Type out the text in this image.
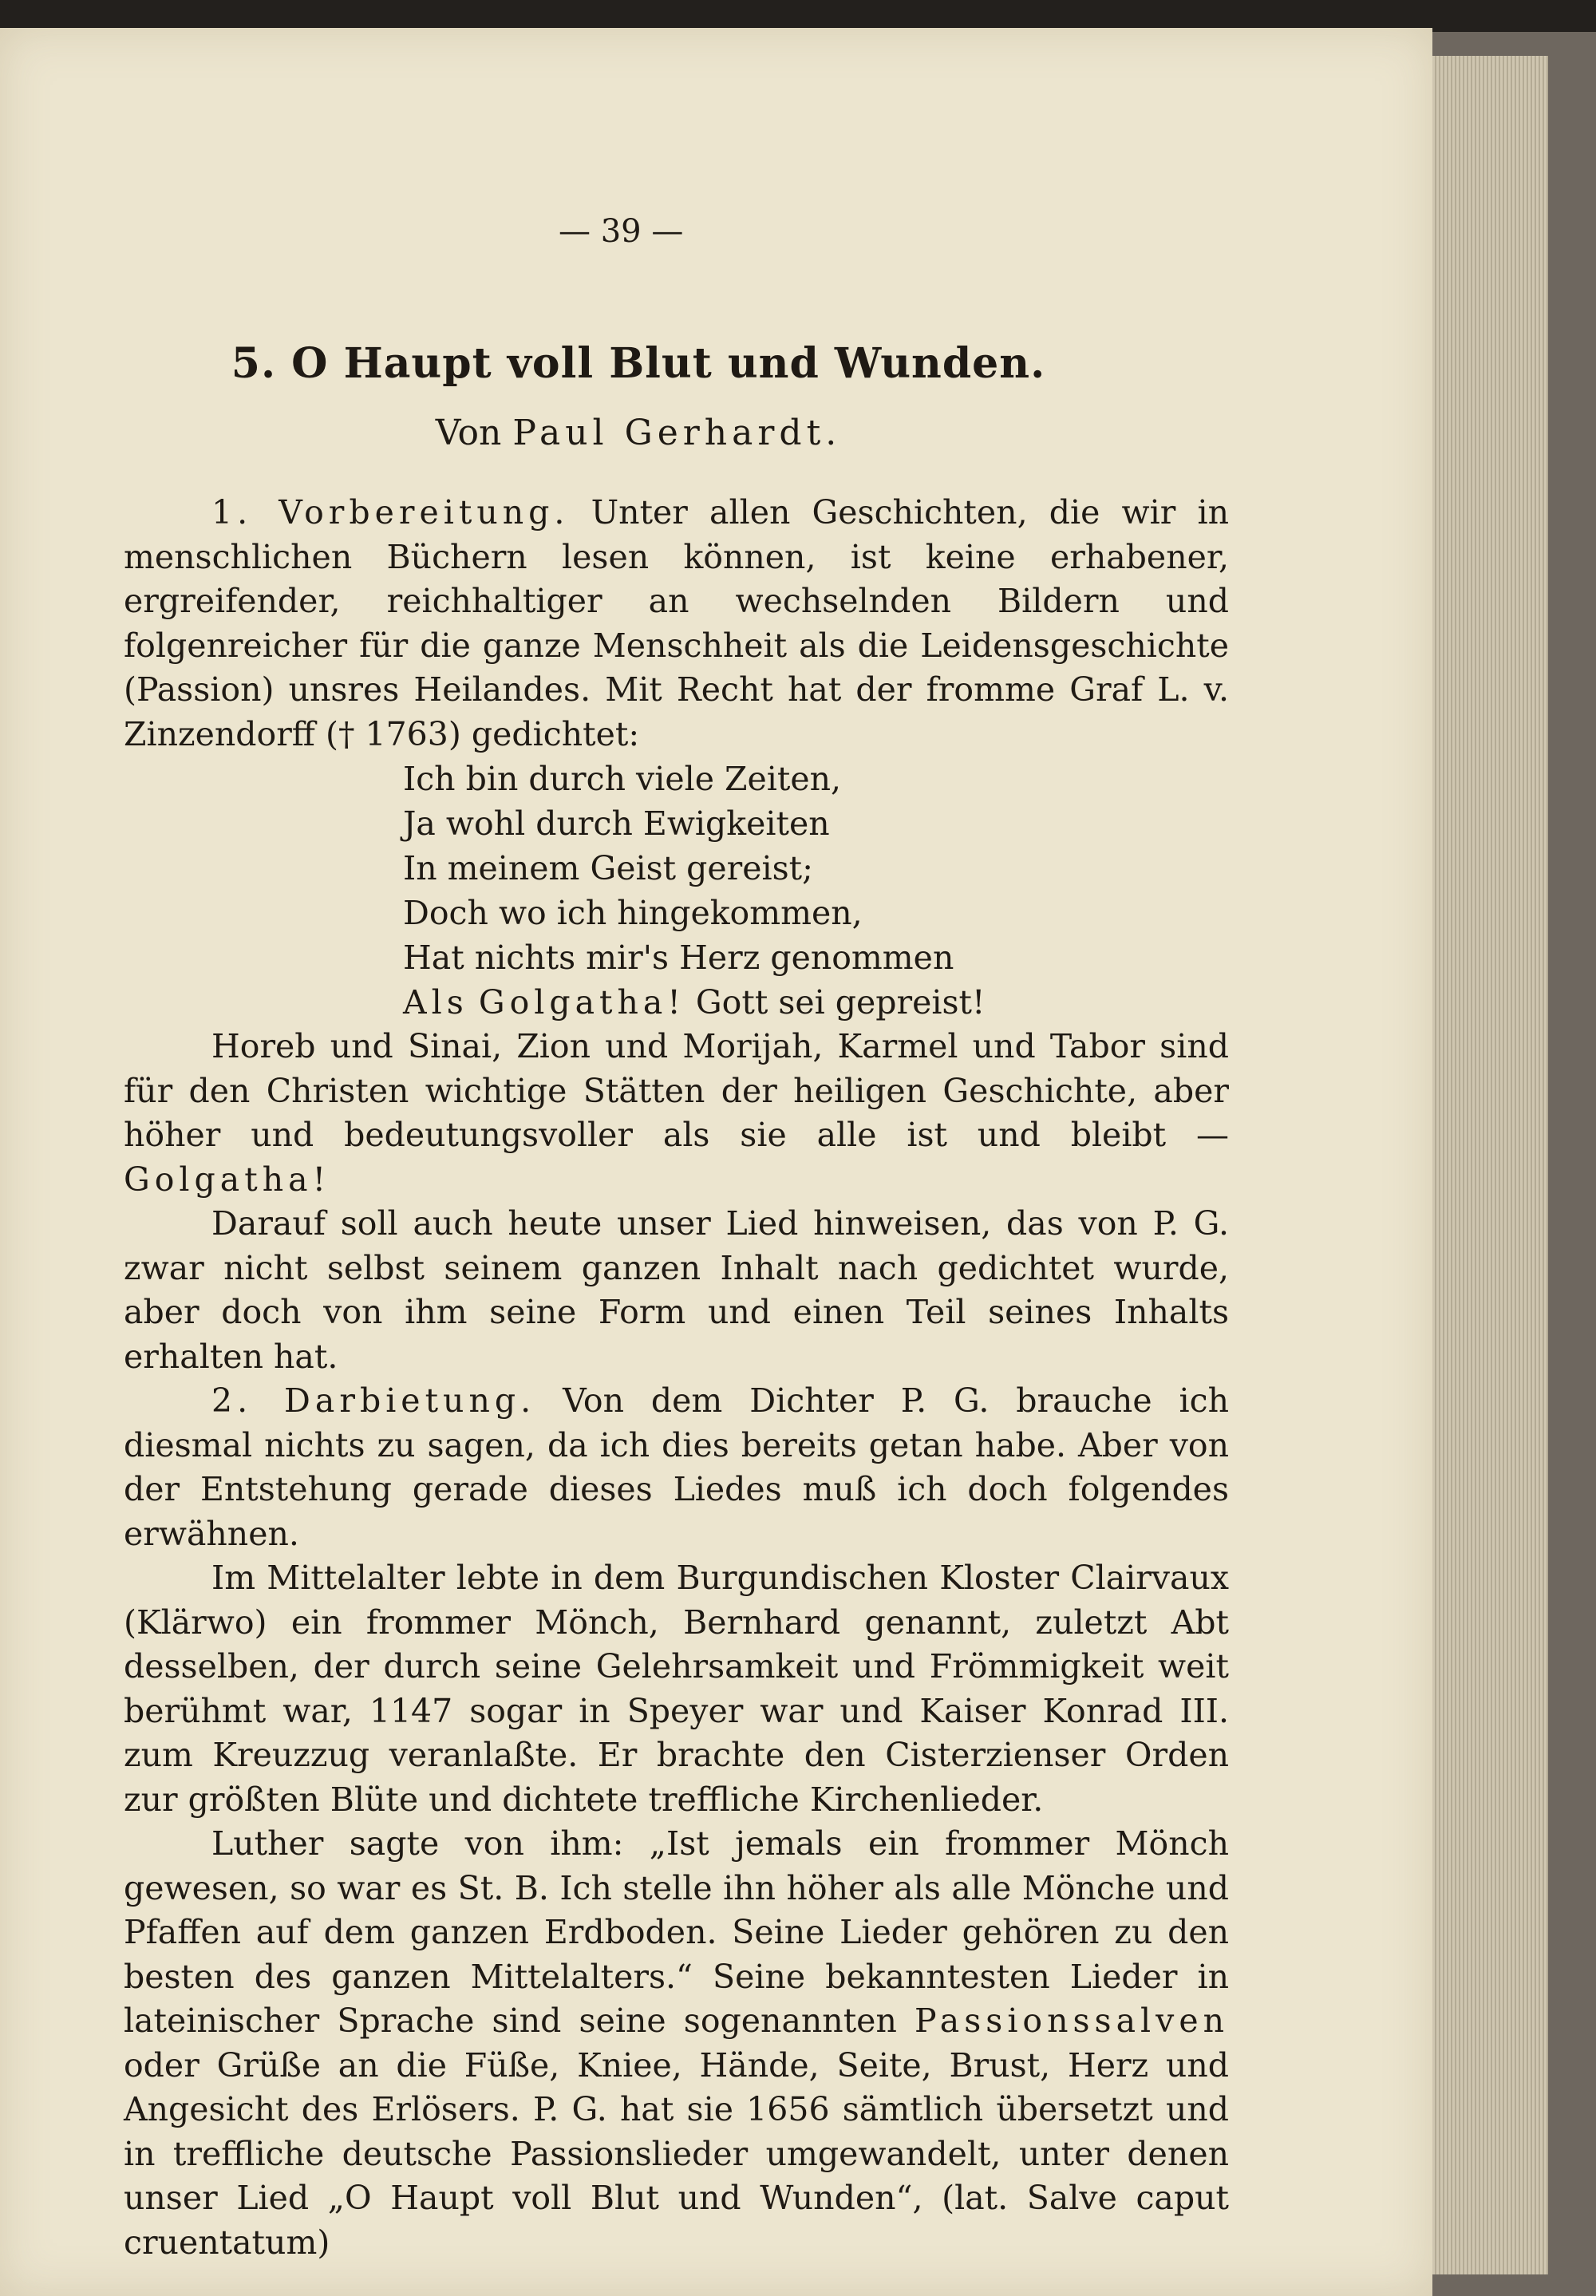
— 39 —
5. O Haupt voll Blut und Wunden.
Von Paul Gerhardt.

1. Vorbereitung. Unter allen Geschichten, die wir in menschlichen Büchern lesen können, ist keine erhabener, ergreifender, reichhaltiger an wechselnden Bildern und folgenreicher für die ganze Menschheit als die Leidensgeschichte (Passion) unsres Heilandes. Mit Recht hat der fromme Graf L. v. Zinzendorff († 1763) gedichtet:

Ich bin durch viele Zeiten,
Ja wohl durch Ewigkeiten
In meinem Geist gereist;
Doch wo ich hingekommen,
Hat nichts mir's Herz genommen
Als Golgatha! Gott sei gepreist!

Horeb und Sinai, Zion und Morijah, Karmel und Tabor sind für den Christen wichtige Stätten der heiligen Geschichte, aber höher und bedeutungsvoller als sie alle ist und bleibt — Golgatha!

Darauf soll auch heute unser Lied hinweisen, das von P. G. zwar nicht selbst seinem ganzen Inhalt nach gedichtet wurde, aber doch von ihm seine Form und einen Teil seines Inhalts erhalten hat.

2. Darbietung. Von dem Dichter P. G. brauche ich diesmal nichts zu sagen, da ich dies bereits getan habe. Aber von der Entstehung gerade dieses Liedes muß ich doch folgendes erwähnen.

Im Mittelalter lebte in dem Burgundischen Kloster Clairvaux (Klärwo) ein frommer Mönch, Bernhard genannt, zuletzt Abt desselben, der durch seine Gelehrsamkeit und Frömmigkeit weit berühmt war, 1147 sogar in Speyer war und Kaiser Konrad III. zum Kreuzzug veranlaßte. Er brachte den Cisterzienser Orden zur größten Blüte und dichtete treffliche Kirchenlieder.

Luther sagte von ihm: „Ist jemals ein frommer Mönch gewesen, so war es St. B. Ich stelle ihn höher als alle Mönche und Pfaffen auf dem ganzen Erdboden. Seine Lieder gehören zu den besten des ganzen Mittelalters.“ Seine bekanntesten Lieder in lateinischer Sprache sind seine sogenannten Passionssalven oder Grüße an die Füße, Kniee, Hände, Seite, Brust, Herz und Angesicht des Erlösers. P. G. hat sie 1656 sämtlich übersetzt und in treffliche deutsche Passionslieder umgewandelt, unter denen unser Lied „O Haupt voll Blut und Wunden“, (lat. Salve caput cruentatum)
